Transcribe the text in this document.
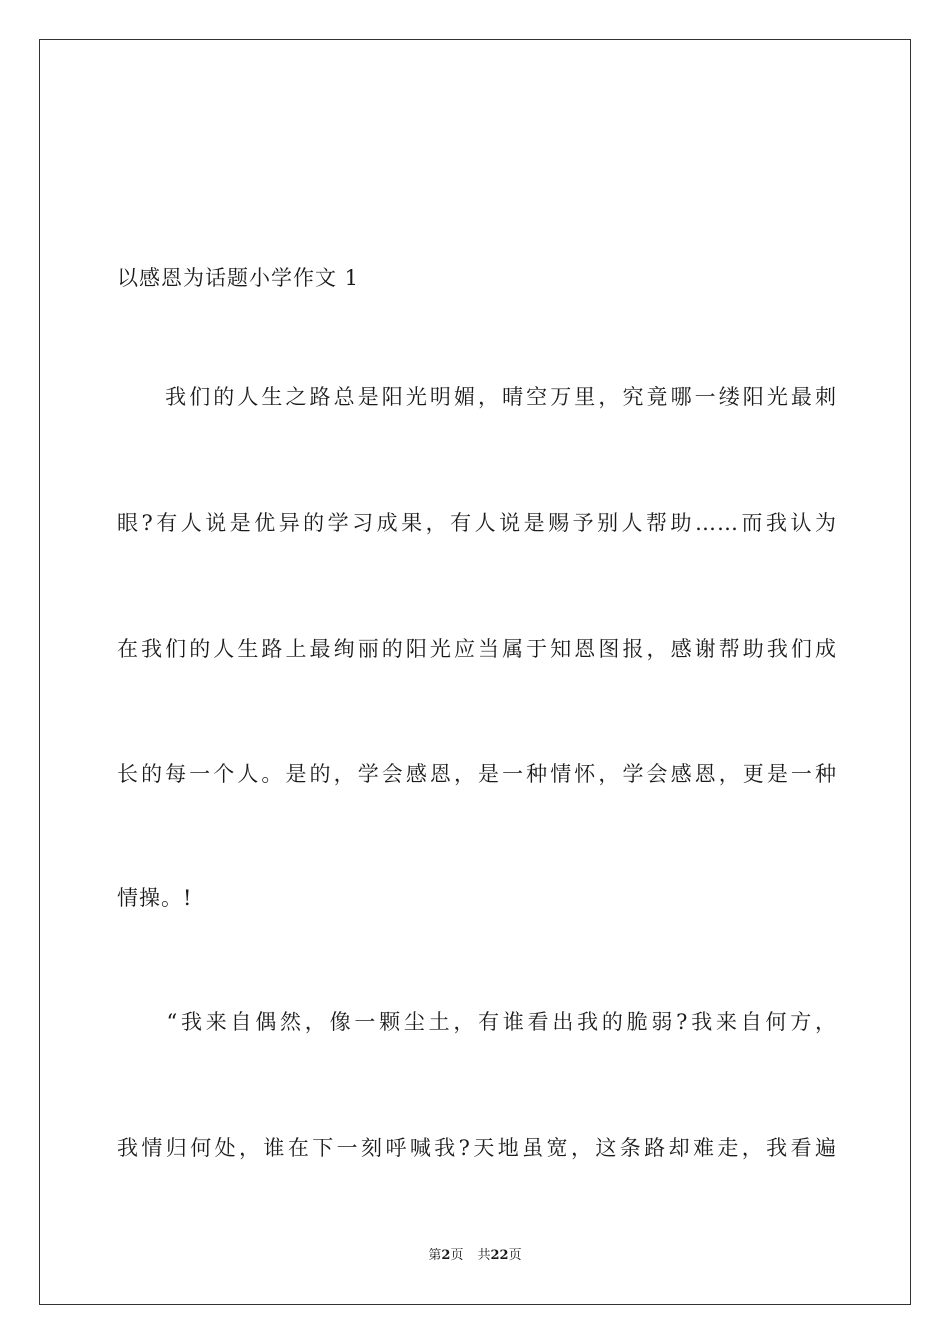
以感恩为话题小学作文 1
　　我们的人生之路总是阳光明媚，晴空万里，究竟哪一缕阳光最刺
眼?有人说是优异的学习成果，有人说是赐予别人帮助……而我认为
在我们的人生路上最绚丽的阳光应当属于知恩图报，感谢帮助我们成
长的每一个人。是的，学会感恩，是一种情怀，学会感恩，更是一种
情操。!
　　“我来自偶然，像一颗尘土，有谁看出我的脆弱?我来自何方，
我情归何处，谁在下一刻呼喊我?天地虽宽，这条路却难走，我看遍
第2页 共22页
